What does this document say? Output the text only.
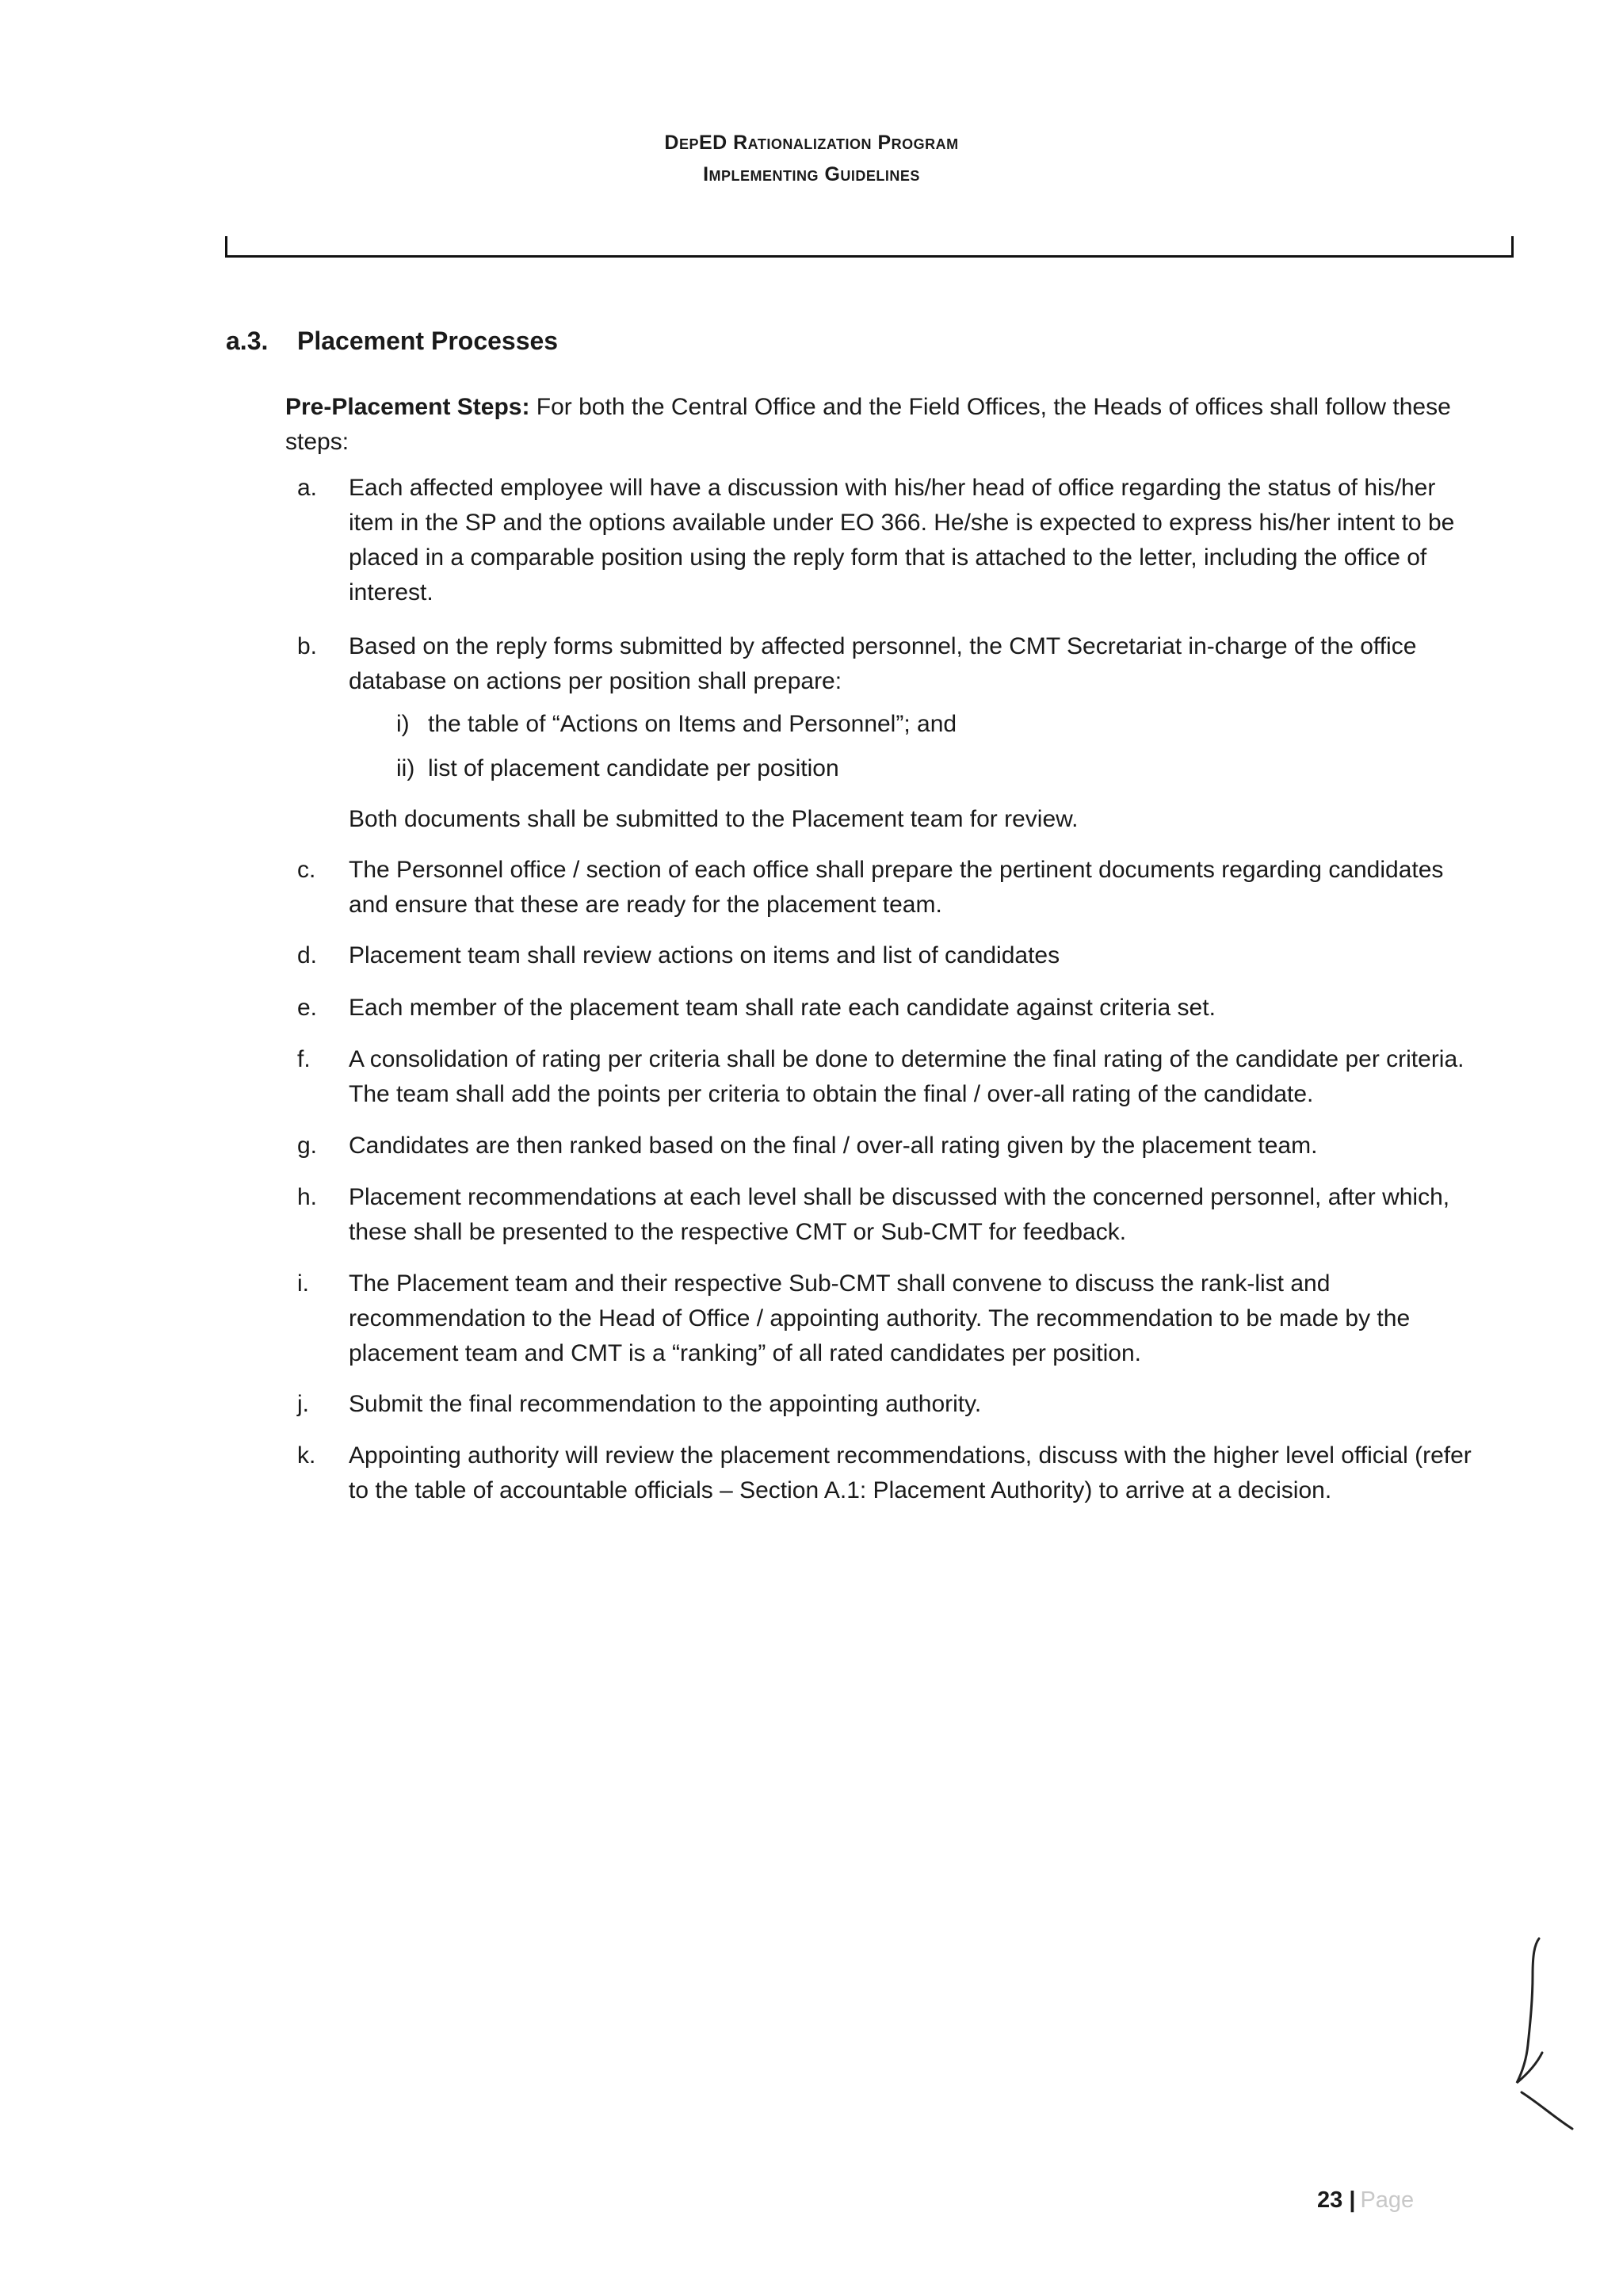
DepED Rationalization Program
Implementing Guidelines
a.3. Placement Processes
Pre-Placement Steps: For both the Central Office and the Field Offices, the Heads of offices shall follow these steps:
a.	Each affected employee will have a discussion with his/her head of office regarding the status of his/her item in the SP and the options available under EO 366. He/she is expected to express his/her intent to be placed in a comparable position using the reply form that is attached to the letter, including the office of interest.
b.	Based on the reply forms submitted by affected personnel, the CMT Secretariat in-charge of the office database on actions per position shall prepare:
i) the table of “Actions on Items and Personnel”; and
ii) list of placement candidate per position
Both documents shall be submitted to the Placement team for review.
c.	The Personnel office / section of each office shall prepare the pertinent documents regarding candidates and ensure that these are ready for the placement team.
d.	Placement team shall review actions on items and list of candidates
e.	Each member of the placement team shall rate each candidate against criteria set.
f.	A consolidation of rating per criteria shall be done to determine the final rating of the candidate per criteria. The team shall add the points per criteria to obtain the final / over-all rating of the candidate.
g.	Candidates are then ranked based on the final / over-all rating given by the placement team.
h.	Placement recommendations at each level shall be discussed with the concerned personnel, after which, these shall be presented to the respective CMT or Sub-CMT for feedback.
i.	The Placement team and their respective Sub-CMT shall convene to discuss the rank-list and recommendation to the Head of Office / appointing authority. The recommendation to be made by the placement team and CMT is a “ranking” of all rated candidates per position.
j.	Submit the final recommendation to the appointing authority.
k.	Appointing authority will review the placement recommendations, discuss with the higher level official (refer to the table of accountable officials – Section A.1: Placement Authority) to arrive at a decision.
23 | Page
